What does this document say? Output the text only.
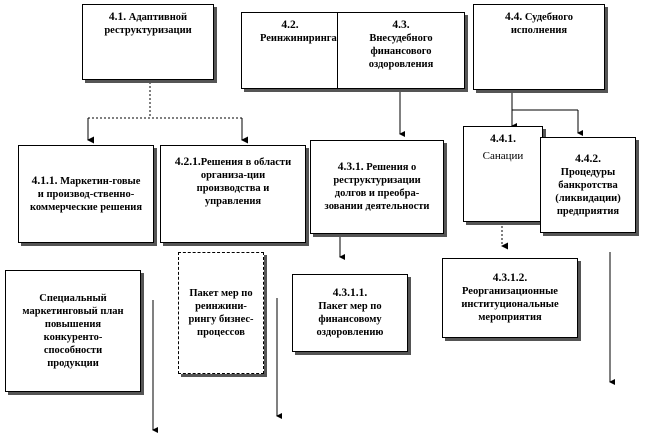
4.1. Адаптивной реструктуризации	4.2.
Реинжиниринга
4.3.
Внесудебного финансового оздоровления
4.4. Судебного исполнения
4.1.1. Маркетин-говые и производ-ственно-коммерческие решения
4.2.1.Решения в области организа-ции производства и управления
4.3.1. Решения о реструктуризации долгов и преобра-зовании деятельности
4.4.1.
Санации	4.4.2.
Процедуры банкротства (ликвидации) предприятия
Специальный маркетинговый план повышения конкуренто-способности продукции
Пакет мер по реинжини-рингу бизнес-процессов
4.3.1.1.
Пакет мер по финансовому оздоровлению
4.3.1.2.
Реорганизационные институциональные мероприятия
